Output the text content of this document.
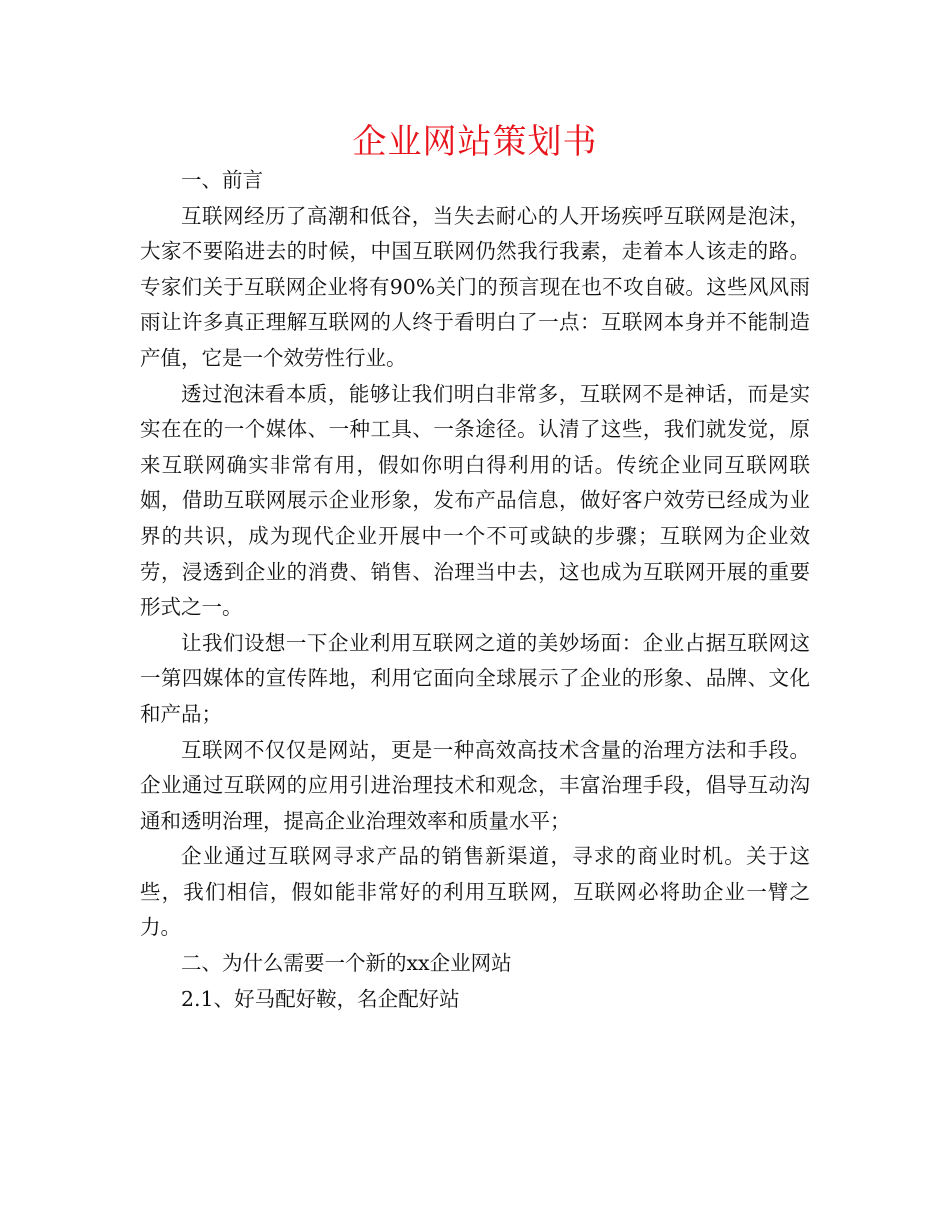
企业网站策划书

一、前言

互联网经历了高潮和低谷，当失去耐心的人开场疾呼互联网是泡沫，大家不要陷进去的时候，中国互联网仍然我行我素，走着本人该走的路。专家们关于互联网企业将有90%关门的预言现在也不攻自破。这些风风雨雨让许多真正理解互联网的人终于看明白了一点：互联网本身并不能制造产值，它是一个效劳性行业。

透过泡沫看本质，能够让我们明白非常多，互联网不是神话，而是实实在在的一个媒体、一种工具、一条途径。认清了这些，我们就发觉，原来互联网确实非常有用，假如你明白得利用的话。传统企业同互联网联姻，借助互联网展示企业形象，发布产品信息，做好客户效劳已经成为业界的共识，成为现代企业开展中一个不可或缺的步骤；互联网为企业效劳，浸透到企业的消费、销售、治理当中去，这也成为互联网开展的重要形式之一。

让我们设想一下企业利用互联网之道的美妙场面：企业占据互联网这一第四媒体的宣传阵地，利用它面向全球展示了企业的形象、品牌、文化和产品；

互联网不仅仅是网站，更是一种高效高技术含量的治理方法和手段。企业通过互联网的应用引进治理技术和观念，丰富治理手段，倡导互动沟通和透明治理，提高企业治理效率和质量水平；

企业通过互联网寻求产品的销售新渠道，寻求的商业时机。关于这些，我们相信，假如能非常好的利用互联网，互联网必将助企业一臂之力。

二、为什么需要一个新的xx企业网站

2.1、好马配好鞍，名企配好站
